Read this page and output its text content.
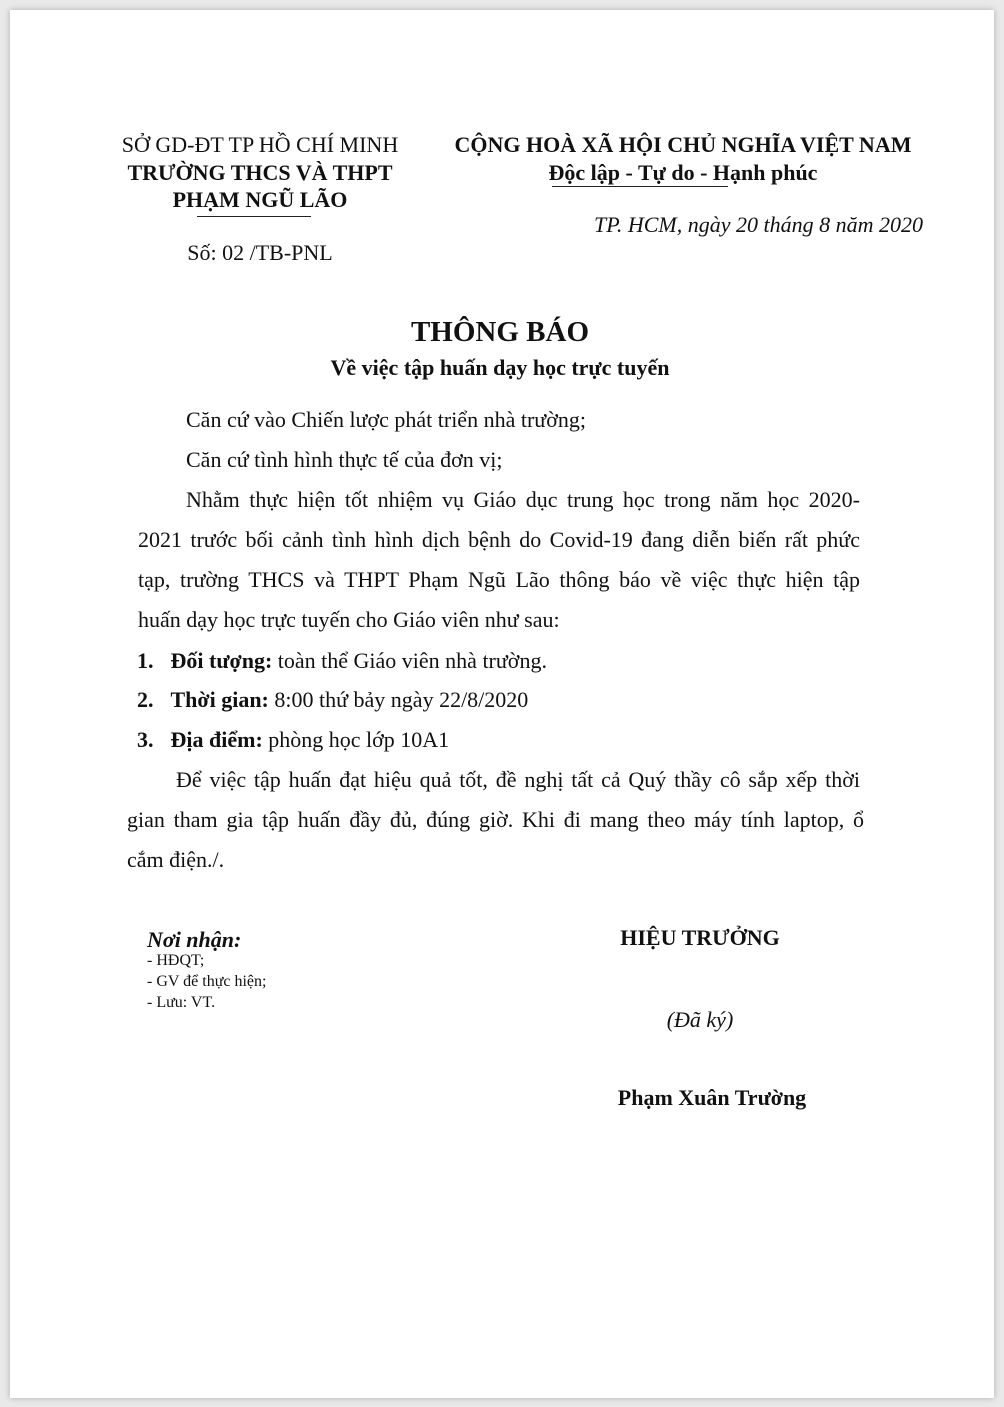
SỞ GD-ĐT TP HỒ CHÍ MINH
TRƯỜNG THCS VÀ THPT
PHẠM NGŨ LÃO
Số: 02 /TB-PNL
CỘNG HOÀ XÃ HỘI CHỦ NGHĨA VIỆT NAM
Độc lập - Tự do - Hạnh phúc
TP. HCM, ngày 20 tháng 8 năm 2020
THÔNG BÁO
Về việc tập huấn dạy học trực tuyến
Căn cứ vào Chiến lược phát triển nhà trường;
Căn cứ tình hình thực tế của đơn vị;
Nhằm thực hiện tốt nhiệm vụ Giáo dục trung học trong năm học 2020-
2021 trước bối cảnh tình hình dịch bệnh do Covid-19 đang diễn biến rất phức
tạp, trường THCS và THPT Phạm Ngũ Lão thông báo về việc thực hiện tập
huấn dạy học trực tuyến cho Giáo viên như sau:
1. Đối tượng: toàn thể Giáo viên nhà trường.
2. Thời gian: 8:00 thứ bảy ngày 22/8/2020
3. Địa điểm: phòng học lớp 10A1
Để việc tập huấn đạt hiệu quả tốt, đề nghị tất cả Quý thầy cô sắp xếp thời
gian tham gia tập huấn đầy đủ, đúng giờ. Khi đi mang theo máy tính laptop, ổ
cắm điện./.
Nơi nhận:
- HĐQT;
- GV để thực hiện;
- Lưu: VT.
HIỆU TRƯỞNG
(Đã ký)
Phạm Xuân Trường
